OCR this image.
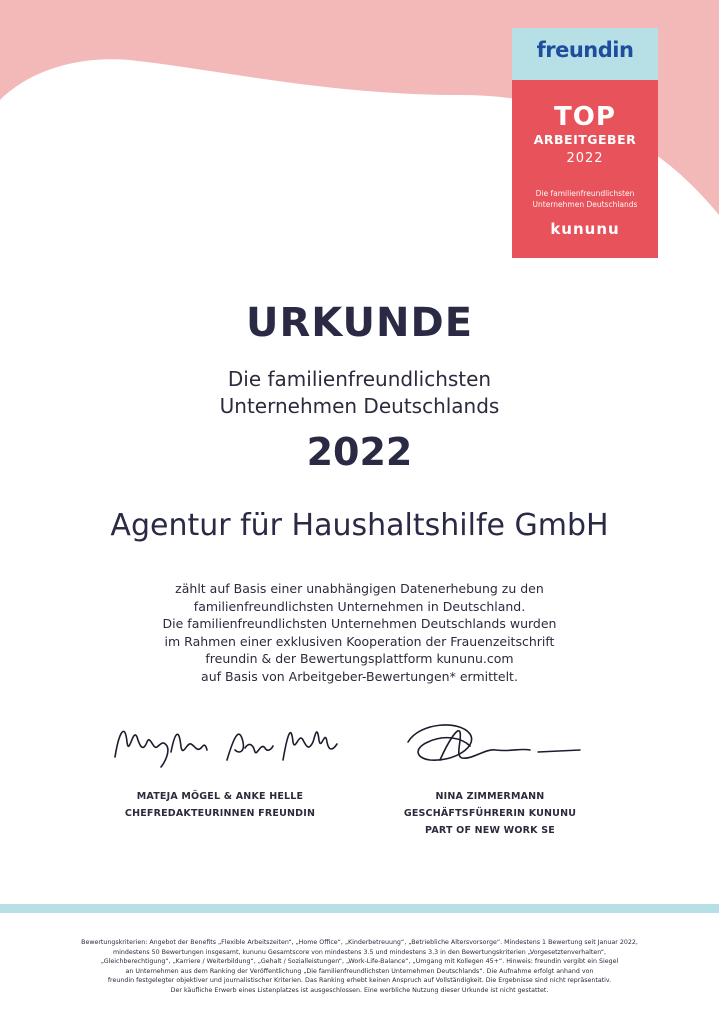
freundin
TOP
ARBEITGEBER
2022
Die familienfreundlichsten
Unternehmen Deutschlands
kununu
URKUNDE
Die familienfreundlichsten
Unternehmen Deutschlands
2022
Agentur für Haushaltshilfe GmbH
zählt auf Basis einer unabhängigen Datenerhebung zu den
familienfreundlichsten Unternehmen in Deutschland.
Die familienfreundlichsten Unternehmen Deutschlands wurden
im Rahmen einer exklusiven Kooperation der Frauenzeitschrift
freundin & der Bewertungsplattform kununu.com
auf Basis von Arbeitgeber-Bewertungen* ermittelt.
MATEJA MÖGEL & ANKE HELLE
CHEFREDAKTEURINNEN FREUNDIN
NINA ZIMMERMANN
GESCHÄFTSFÜHRERIN KUNUNU
PART OF NEW WORK SE
Bewertungskriterien: Angebot der Benefits „Flexible Arbeitszeiten“, „Home Office“, „Kinderbetreuung“, „Betriebliche Altersvorsorge“. Mindestens 1 Bewertung seit Januar 2022,
mindestens 50 Bewertungen insgesamt, kununu Gesamtscore von mindestens 3.5 und mindestens 3.3 in den Bewertungskriterien „Vorgesetztenverhalten“,
„Gleichberechtigung“, „Karriere / Weiterbildung“, „Gehalt / Sozialleistungen“, „Work-Life-Balance“, „Umgang mit Kollegen 45+“. Hinweis: freundin vergibt ein Siegel
an Unternehmen aus dem Ranking der Veröffentlichung „Die familienfreundlichsten Unternehmen Deutschlands“. Die Aufnahme erfolgt anhand von
freundin festgelegter objektiver und journalistischer Kriterien. Das Ranking erhebt keinen Anspruch auf Vollständigkeit. Die Ergebnisse sind nicht repräsentativ.
Der käufliche Erwerb eines Listenplatzes ist ausgeschlossen. Eine werbliche Nutzung dieser Urkunde ist nicht gestattet.
